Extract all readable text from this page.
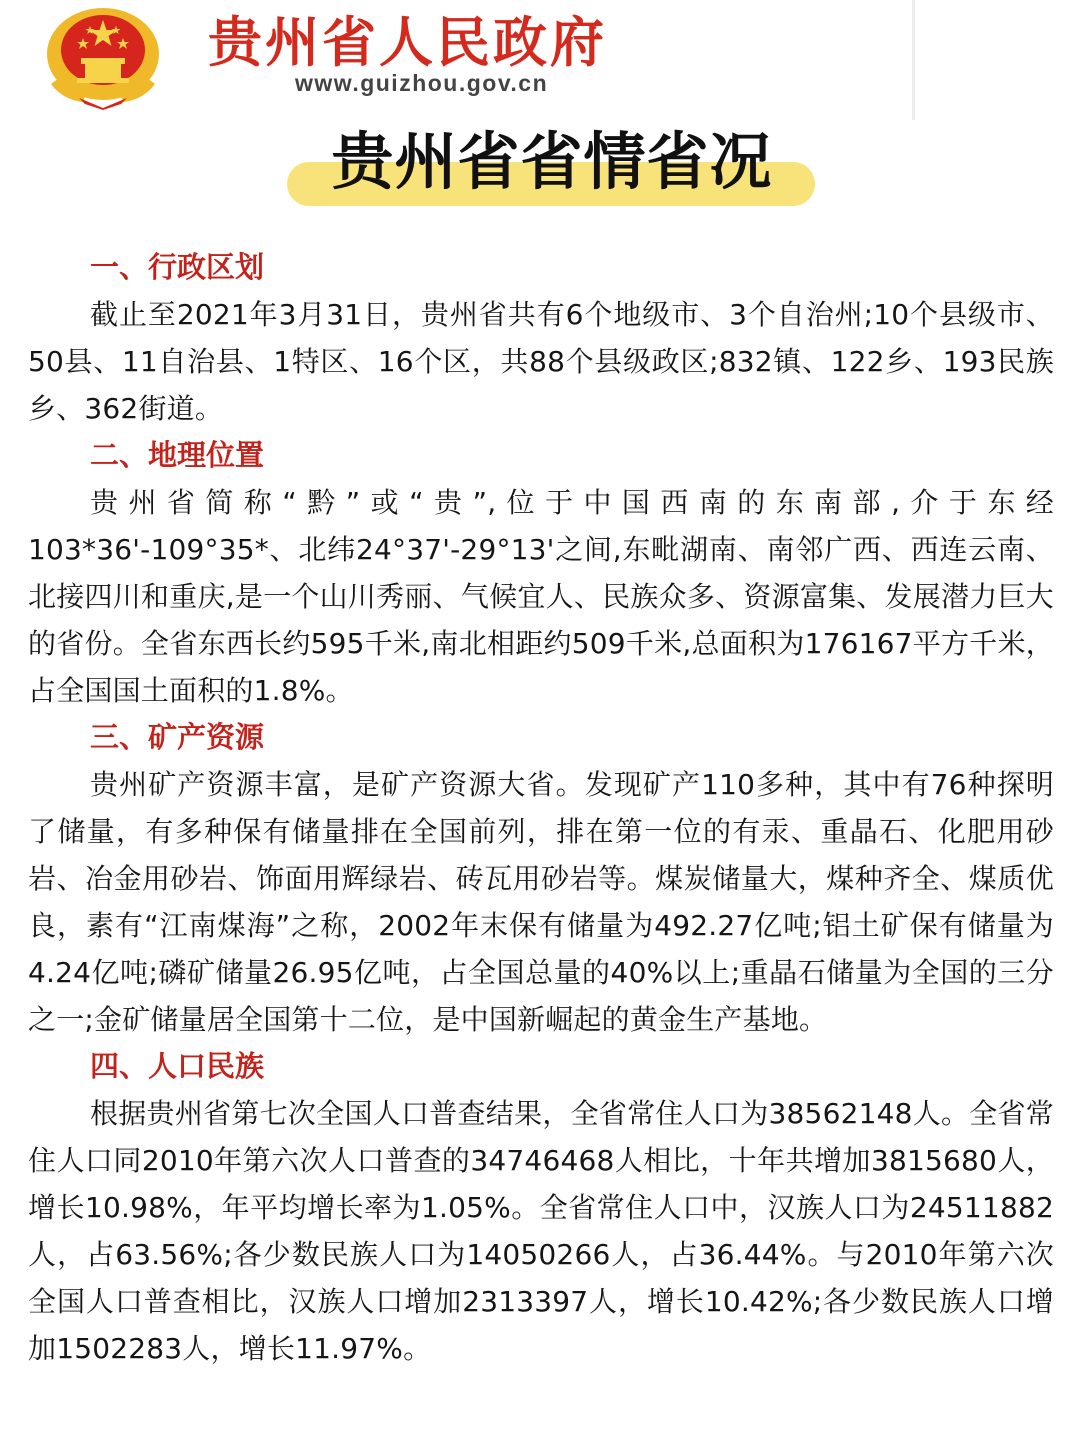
贵州省人民政府
www.guizhou.gov.cn
贵州省省情省况
一、行政区划

截止至2021年3月31日，贵州省共有6个地级市、3个自治州;10个县级市、50县、11自治县、1特区、16个区，共88个县级政区;832镇、122乡、193民族乡、362街道。

二、地理位置

贵州省简称“黔”或“贵”,位于中国西南的东南部,介于东经103*36'-109°35*、北纬24°37'-29°13'之间,东毗湖南、南邻广西、西连云南、北接四川和重庆,是一个山川秀丽、气候宜人、民族众多、资源富集、发展潜力巨大的省份。全省东西长约595千米,南北相距约509千米,总面积为176167平方千米，占全国国土面积的1.8%。

三、矿产资源

贵州矿产资源丰富，是矿产资源大省。发现矿产110多种，其中有76种探明了储量，有多种保有储量排在全国前列，排在第一位的有汞、重晶石、化肥用砂岩、冶金用砂岩、饰面用辉绿岩、砖瓦用砂岩等。煤炭储量大，煤种齐全、煤质优良，素有“江南煤海”之称，2002年末保有储量为492.27亿吨;铝土矿保有储量为4.24亿吨;磷矿储量26.95亿吨，占全国总量的40%以上;重晶石储量为全国的三分之一;金矿储量居全国第十二位，是中国新崛起的黄金生产基地。

四、人口民族

根据贵州省第七次全国人口普查结果，全省常住人口为38562148人。全省常住人口同2010年第六次人口普查的34746468人相比，十年共增加3815680人，增长10.98%，年平均增长率为1.05%。全省常住人口中，汉族人口为24511882人，占63.56%;各少数民族人口为14050266人，占36.44%。与2010年第六次全国人口普查相比，汉族人口增加2313397人，增长10.42%;各少数民族人口增加1502283人，增长11.97%。
